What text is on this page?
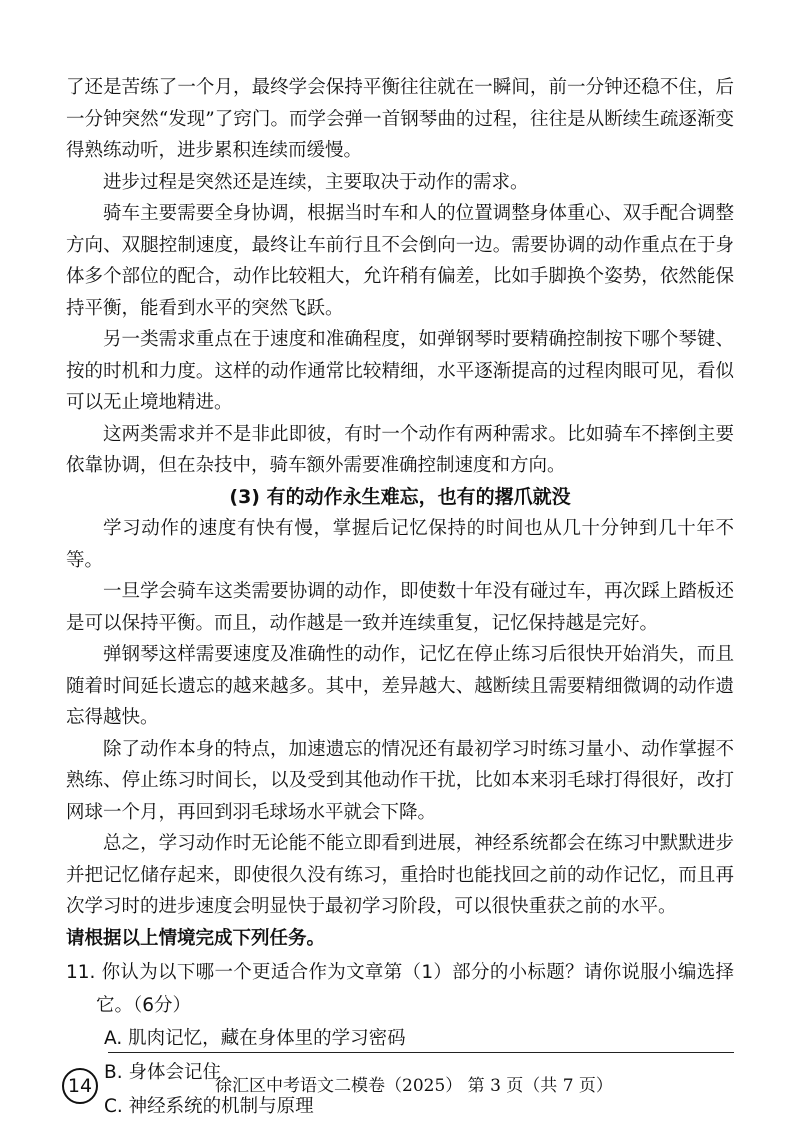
了还是苦练了一个月，最终学会保持平衡往往就在一瞬间，前一分钟还稳不住，后一分钟突然“发现”了窍门。而学会弹一首钢琴曲的过程，往往是从断续生疏逐渐变得熟练动听，进步累积连续而缓慢。

进步过程是突然还是连续，主要取决于动作的需求。

骑车主要需要全身协调，根据当时车和人的位置调整身体重心、双手配合调整方向、双腿控制速度，最终让车前行且不会倒向一边。需要协调的动作重点在于身体多个部位的配合，动作比较粗大，允许稍有偏差，比如手脚换个姿势，依然能保持平衡，能看到水平的突然飞跃。

另一类需求重点在于速度和准确程度，如弹钢琴时要精确控制按下哪个琴键、按的时机和力度。这样的动作通常比较精细，水平逐渐提高的过程肉眼可见，看似可以无止境地精进。

这两类需求并不是非此即彼，有时一个动作有两种需求。比如骑车不摔倒主要依靠协调，但在杂技中，骑车额外需要准确控制速度和方向。

(3) 有的动作永生难忘，也有的撂爪就没

学习动作的速度有快有慢，掌握后记忆保持的时间也从几十分钟到几十年不等。

一旦学会骑车这类需要协调的动作，即使数十年没有碰过车，再次踩上踏板还是可以保持平衡。而且，动作越是一致并连续重复，记忆保持越是完好。

弹钢琴这样需要速度及准确性的动作，记忆在停止练习后很快开始消失，而且随着时间延长遗忘的越来越多。其中，差异越大、越断续且需要精细微调的动作遗忘得越快。

除了动作本身的特点，加速遗忘的情况还有最初学习时练习量小、动作掌握不熟练、停止练习时间长，以及受到其他动作干扰，比如本来羽毛球打得很好，改打网球一个月，再回到羽毛球场水平就会下降。

总之，学习动作时无论能不能立即看到进展，神经系统都会在练习中默默进步并把记忆储存起来，即使很久没有练习，重拾时也能找回之前的动作记忆，而且再次学习时的进步速度会明显快于最初学习阶段，可以很快重获之前的水平。

请根据以上情境完成下列任务。

11. 你认为以下哪一个更适合作为文章第（1）部分的小标题？请你说服小编选择它。（6分）

A. 肌肉记忆，藏在身体里的学习密码

B. 身体会记住

C. 神经系统的机制与原理

14	徐汇区中考语文二模卷（2025） 第 3 页（共 7 页）
